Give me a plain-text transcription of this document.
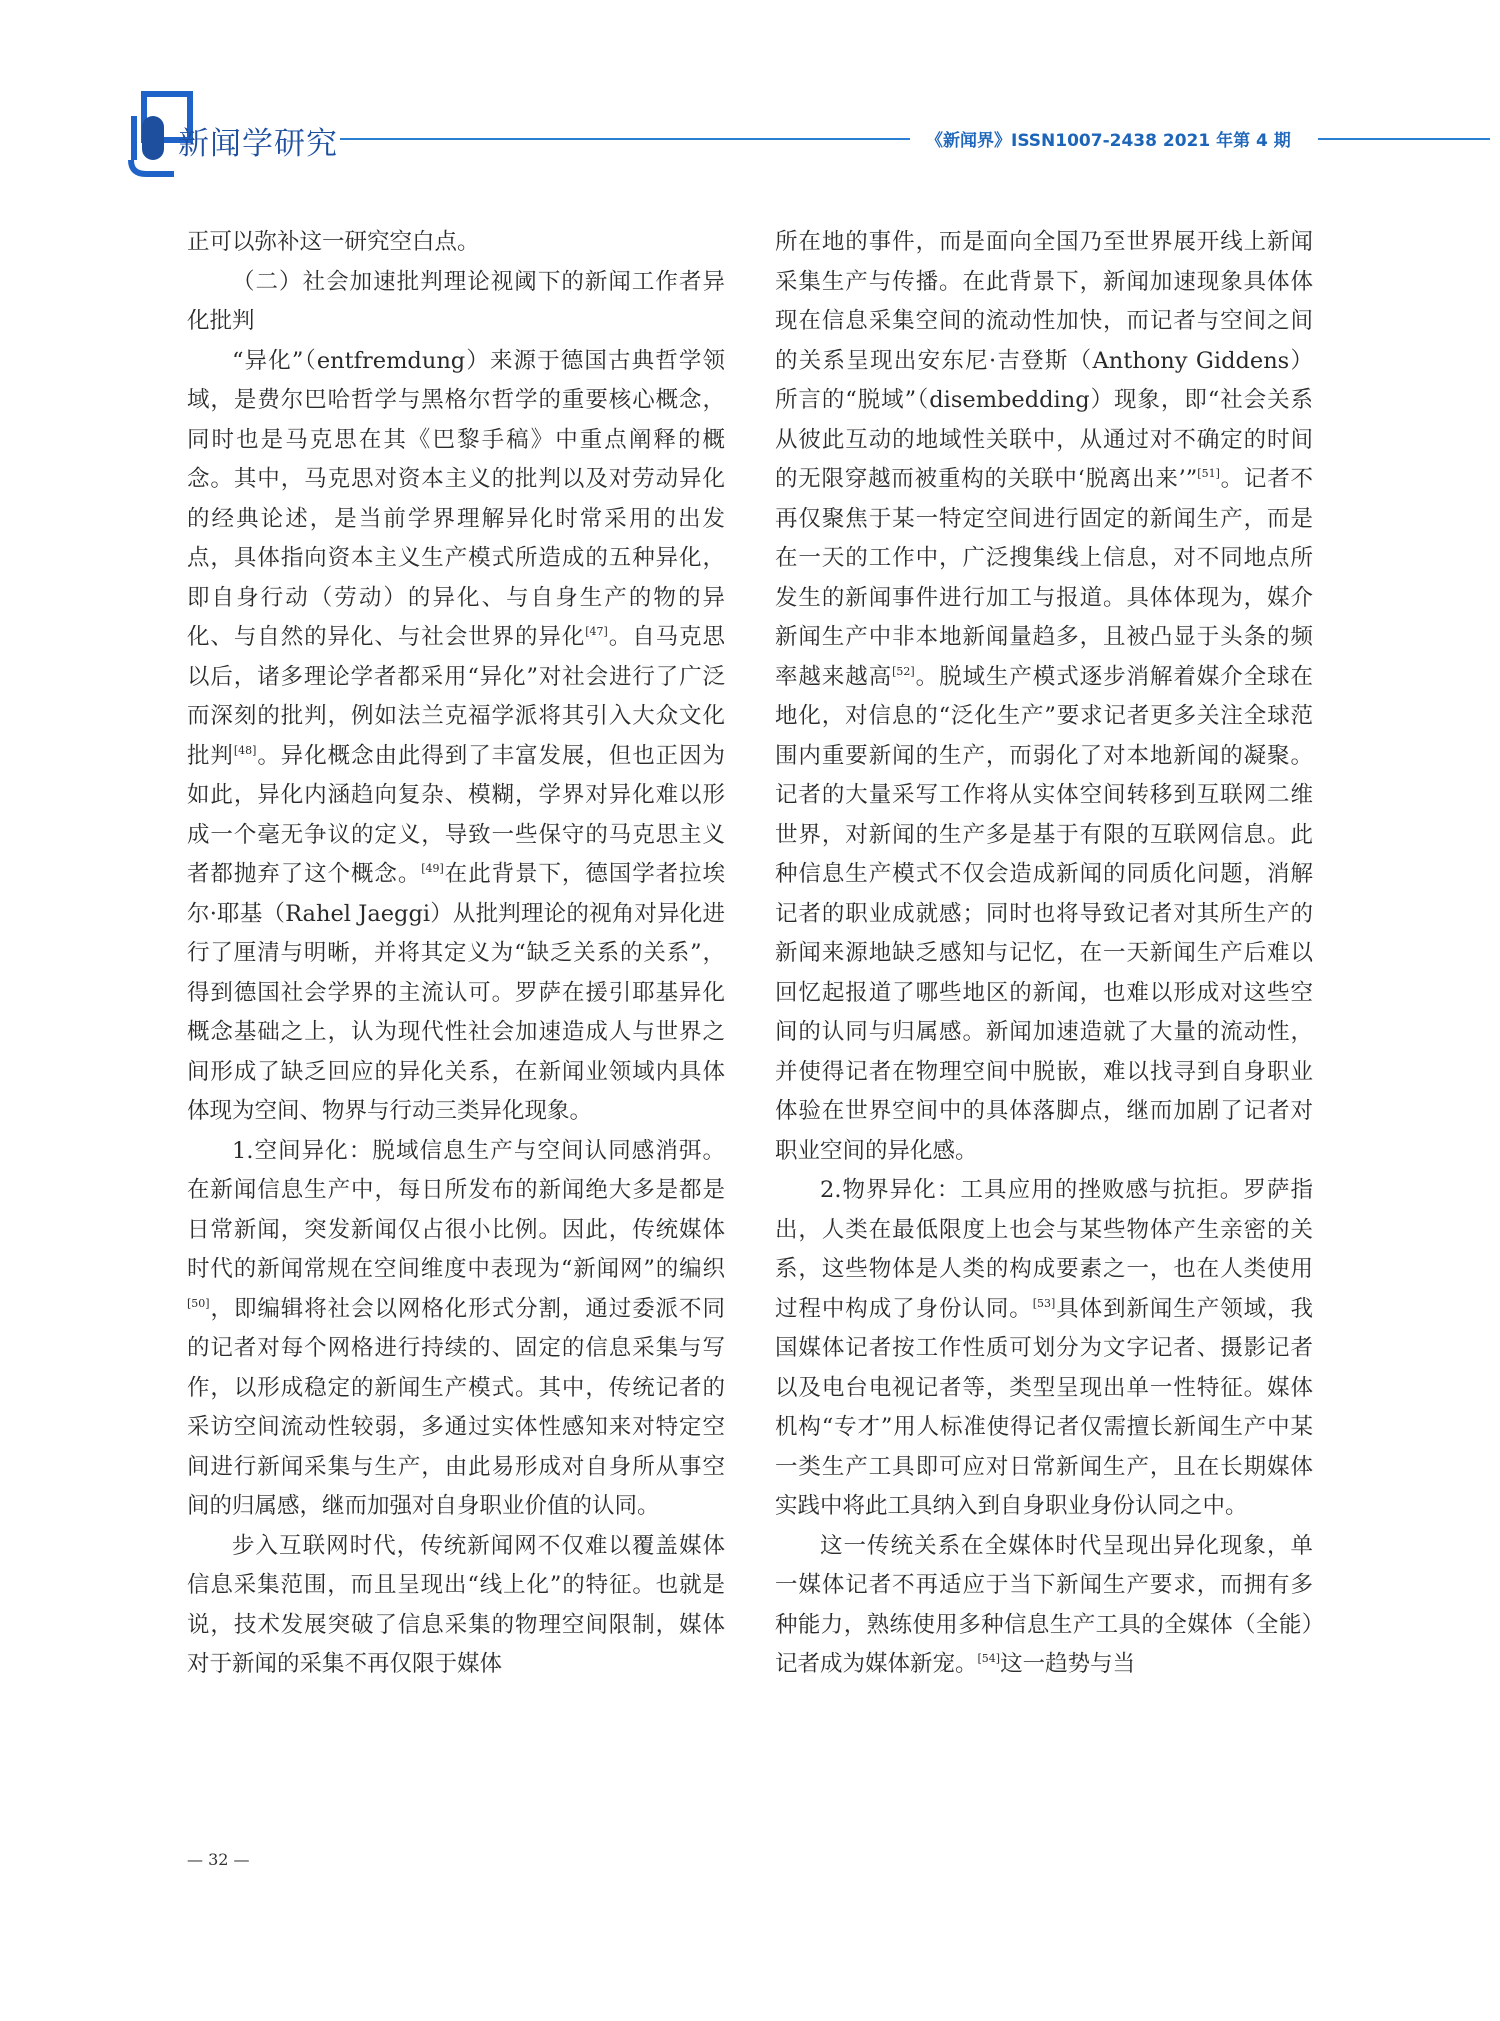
新闻学研究	《新闻界》ISSN1007-2438 2021 年第 4 期

正可以弥补这一研究空白点。

（二）社会加速批判理论视阈下的新闻工作者异化批判

“异化”（entfremdung）来源于德国古典哲学领域，是费尔巴哈哲学与黑格尔哲学的重要核心概念，同时也是马克思在其《巴黎手稿》中重点阐释的概念。其中，马克思对资本主义的批判以及对劳动异化的经典论述，是当前学界理解异化时常采用的出发点，具体指向资本主义生产模式所造成的五种异化，即自身行动（劳动）的异化、与自身生产的物的异化、与自然的异化、与社会世界的异化[47]。自马克思以后，诸多理论学者都采用“异化”对社会进行了广泛而深刻的批判，例如法兰克福学派将其引入大众文化批判[48]。异化概念由此得到了丰富发展，但也正因为如此，异化内涵趋向复杂、模糊，学界对异化难以形成一个毫无争议的定义，导致一些保守的马克思主义者都抛弃了这个概念。[49]在此背景下，德国学者拉埃尔·耶基（Rahel Jaeggi）从批判理论的视角对异化进行了厘清与明晰，并将其定义为“缺乏关系的关系”，得到德国社会学界的主流认可。罗萨在援引耶基异化概念基础之上，认为现代性社会加速造成人与世界之间形成了缺乏回应的异化关系，在新闻业领域内具体体现为空间、物界与行动三类异化现象。

1.空间异化：脱域信息生产与空间认同感消弭。在新闻信息生产中，每日所发布的新闻绝大多是都是日常新闻，突发新闻仅占很小比例。因此，传统媒体时代的新闻常规在空间维度中表现为“新闻网”的编织[50]，即编辑将社会以网格化形式分割，通过委派不同的记者对每个网格进行持续的、固定的信息采集与写作，以形成稳定的新闻生产模式。其中，传统记者的采访空间流动性较弱，多通过实体性感知来对特定空间进行新闻采集与生产，由此易形成对自身所从事空间的归属感，继而加强对自身职业价值的认同。

步入互联网时代，传统新闻网不仅难以覆盖媒体信息采集范围，而且呈现出“线上化”的特征。也就是说，技术发展突破了信息采集的物理空间限制，媒体对于新闻的采集不再仅限于媒体

所在地的事件，而是面向全国乃至世界展开线上新闻采集生产与传播。在此背景下，新闻加速现象具体体现在信息采集空间的流动性加快，而记者与空间之间的关系呈现出安东尼·吉登斯（Anthony Giddens）所言的“脱域”（disembedding）现象，即“社会关系从彼此互动的地域性关联中，从通过对不确定的时间的无限穿越而被重构的关联中‘脱离出来’”[51]。记者不再仅聚焦于某一特定空间进行固定的新闻生产，而是在一天的工作中，广泛搜集线上信息，对不同地点所发生的新闻事件进行加工与报道。具体体现为，媒介新闻生产中非本地新闻量趋多，且被凸显于头条的频率越来越高[52]。脱域生产模式逐步消解着媒介全球在地化，对信息的“泛化生产”要求记者更多关注全球范围内重要新闻的生产，而弱化了对本地新闻的凝聚。记者的大量采写工作将从实体空间转移到互联网二维世界，对新闻的生产多是基于有限的互联网信息。此种信息生产模式不仅会造成新闻的同质化问题，消解记者的职业成就感；同时也将导致记者对其所生产的新闻来源地缺乏感知与记忆，在一天新闻生产后难以回忆起报道了哪些地区的新闻，也难以形成对这些空间的认同与归属感。新闻加速造就了大量的流动性，并使得记者在物理空间中脱嵌，难以找寻到自身职业体验在世界空间中的具体落脚点，继而加剧了记者对职业空间的异化感。

2.物界异化：工具应用的挫败感与抗拒。罗萨指出，人类在最低限度上也会与某些物体产生亲密的关系，这些物体是人类的构成要素之一，也在人类使用过程中构成了身份认同。[53]具体到新闻生产领域，我国媒体记者按工作性质可划分为文字记者、摄影记者以及电台电视记者等，类型呈现出单一性特征。媒体机构“专才”用人标准使得记者仅需擅长新闻生产中某一类生产工具即可应对日常新闻生产，且在长期媒体实践中将此工具纳入到自身职业身份认同之中。

这一传统关系在全媒体时代呈现出异化现象，单一媒体记者不再适应于当下新闻生产要求，而拥有多种能力，熟练使用多种信息生产工具的全媒体（全能）记者成为媒体新宠。[54]这一趋势与当

— 32 —
